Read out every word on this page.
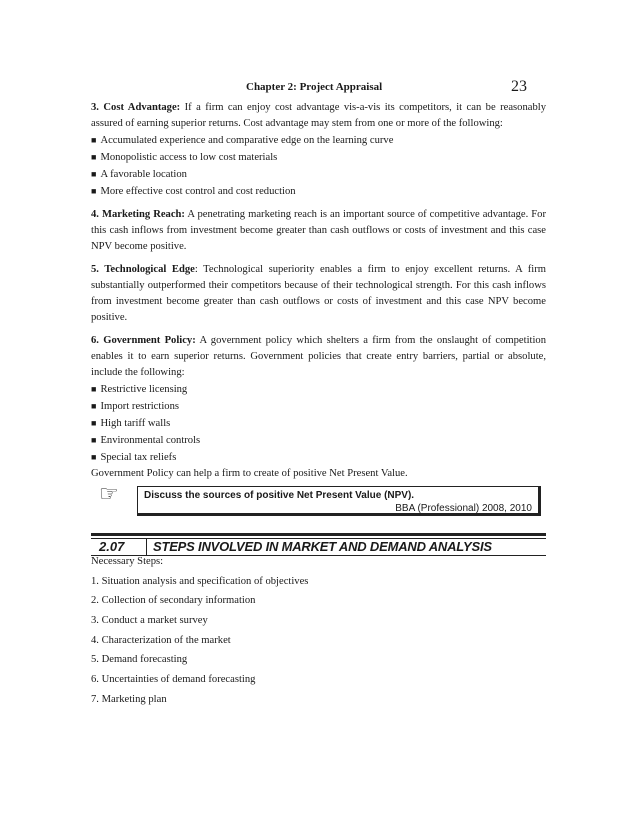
Chapter 2: Project Appraisal	23

3. Cost Advantage: If a firm can enjoy cost advantage vis-a-vis its competitors, it can be reasonably assured of earning superior returns. Cost advantage may stem from one or more of the following:

■ Accumulated experience and comparative edge on the learning curve
■ Monopolistic access to low cost materials
■ A favorable location
■ More effective cost control and cost reduction

4. Marketing Reach: A penetrating marketing reach is an important source of competitive advantage. For this cash inflows from investment become greater than cash outflows or costs of investment and this case NPV become positive.

5. Technological Edge: Technological superiority enables a firm to enjoy excellent returns. A firm substantially outperformed their competitors because of their technological strength. For this cash inflows from investment become greater than cash outflows or costs of investment and this case NPV become positive.

6. Government Policy: A government policy which shelters a firm from the onslaught of competition enables it to earn superior returns. Government policies that create entry barriers, partial or absolute, include the following:

■ Restrictive licensing
■ Import restrictions
■ High tariff walls
■ Environmental controls
■ Special tax reliefs
Government Policy can help a firm to create of positive Net Present Value.
☞	Discuss the sources of positive Net Present Value (NPV).
BBA (Professional) 2008, 2010
2.07 STEPS INVOLVED IN MARKET AND DEMAND ANALYSIS
Necessary Steps:
1. Situation analysis and specification of objectives
2. Collection of secondary information
3. Conduct a market survey
4. Characterization of the market
5. Demand forecasting
6. Uncertainties of demand forecasting
7. Marketing plan
